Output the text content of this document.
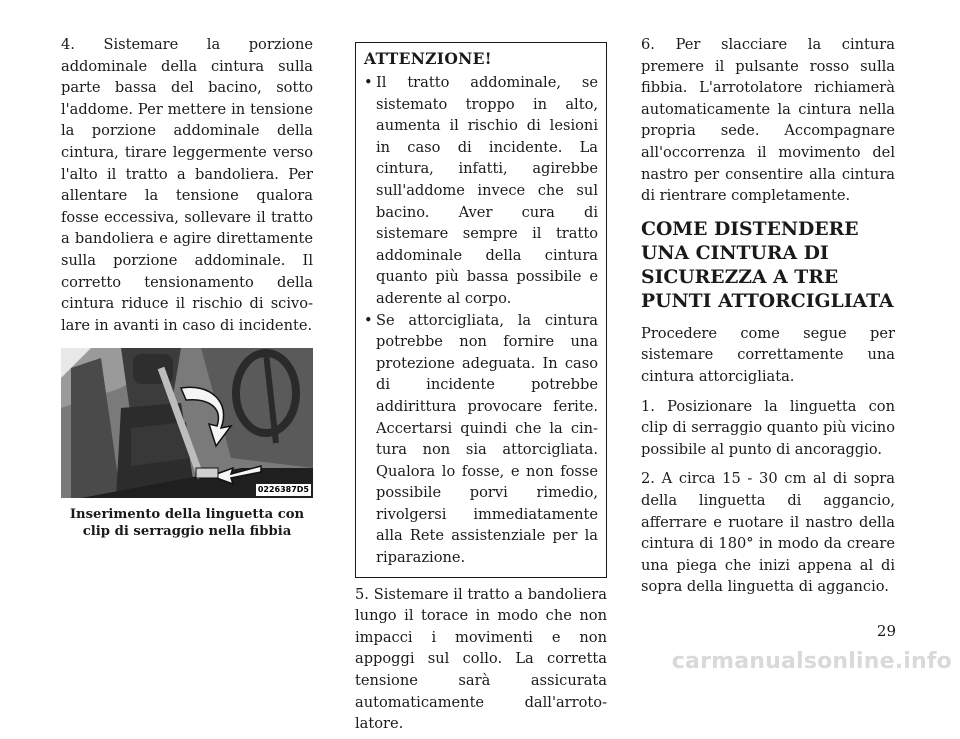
4. Sistemare la porzione addominale della cintura sulla parte bassa del bacino, sotto l'addome. Per mettere in tensione la porzione addominale della cintura, tirare leggermente verso l'alto il tratto a bandoliera. Per allentare la tensione qualora fosse eccessiva, sollevare il tratto a bandoliera e agire direttamente sulla porzione addominale. Il corretto tensionamento della cintura riduce il rischio di scivolare in avanti in caso di incidente.

0226387D5
Inserimento della linguetta con clip di serraggio nella fibbia
ATTENZIONE!
• Il tratto addominale, se sistemato troppo in alto, aumenta il rischio di lesioni in caso di incidente. La cintura, infatti, agirebbe sull'addome invece che sul bacino. Aver cura di sistemare sempre il tratto addominale della cintura quanto più bassa possibile e aderente al corpo.
• Se attorcigliata, la cintura potrebbe non fornire una protezione adeguata. In caso di incidente potrebbe addirittura provocare ferite. Accertarsi quindi che la cintura non sia attorcigliata. Qualora lo fosse, e non fosse possibile porvi rimedio, rivolgersi immediatamente alla Rete assistenziale per la riparazione.

5. Sistemare il tratto a bandoliera lungo il torace in modo che non impacci i movimenti e non appoggi sul collo. La corretta tensione sarà assicurata automaticamente dall'arrotolatore.

6. Per slacciare la cintura premere il pulsante rosso sulla fibbia. L'arrotolatore richiamerà automaticamente la cintura nella propria sede. Accompagnare all'occorrenza il movimento del nastro per consentire alla cintura di rientrare completamente.

COME DISTENDERE UNA CINTURA DI SICUREZZA A TRE PUNTI ATTORCIGLIATA

Procedere come segue per sistemare correttamente una cintura attorcigliata.

1. Posizionare la linguetta con clip di serraggio quanto più vicino possibile al punto di ancoraggio.

2. A circa 15 - 30 cm al di sopra della linguetta di aggancio, afferrare e ruotare il nastro della cintura di 180° in modo da creare una piega che inizi appena al di sopra della linguetta di aggancio.

29
carmanualsonline.info
